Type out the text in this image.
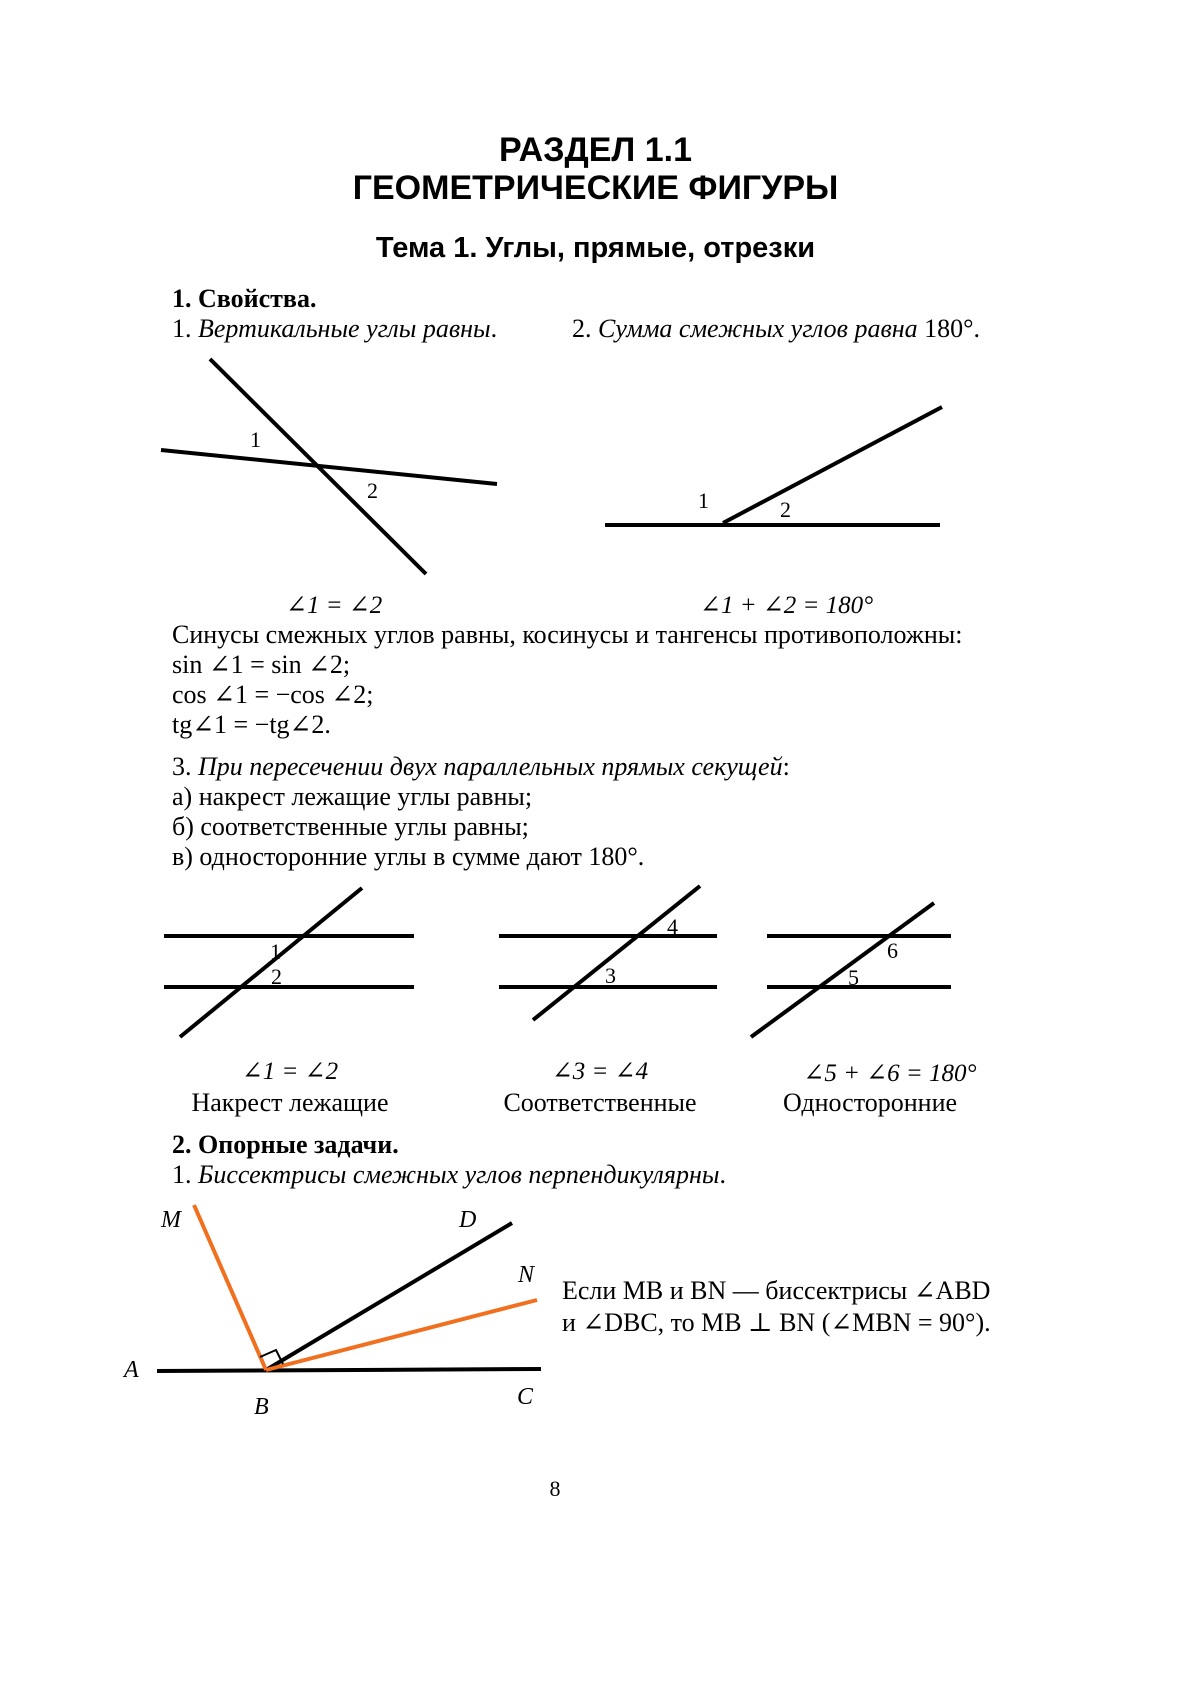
РАЗДЕЛ 1.1
ГЕОМЕТРИЧЕСКИЕ ФИГУРЫ
Тема 1. Углы, прямые, отрезки
1. Свойства.
1. Вертикальные углы равны.	2. Сумма смежных углов равна 180°.
1
2
∠1 = ∠2
1	2
∠1 + ∠2 = 180°
Синусы смежных углов равны, косинусы и тангенсы противоположны:
sin ∠1 = sin ∠2;
cos ∠1 = −cos ∠2;
tg∠1 = −tg∠2.
3. При пересечении двух параллельных прямых секущей:
а) накрест лежащие углы равны;
б) соответственные углы равны;
в) односторонние углы в сумме дают 180°.
1
2
∠1 = ∠2
Накрест лежащие
4
3
∠3 = ∠4
Соответственные
6
5
∠5 + ∠6 = 180°
Односторонние
2. Опорные задачи.
1. Биссектрисы смежных углов перпендикулярны.
M	D
N
A
B	C
Если MB и BN — биссектрисы ∠ABD
и ∠DBC, то MB ⊥ BN (∠MBN = 90°).
8
